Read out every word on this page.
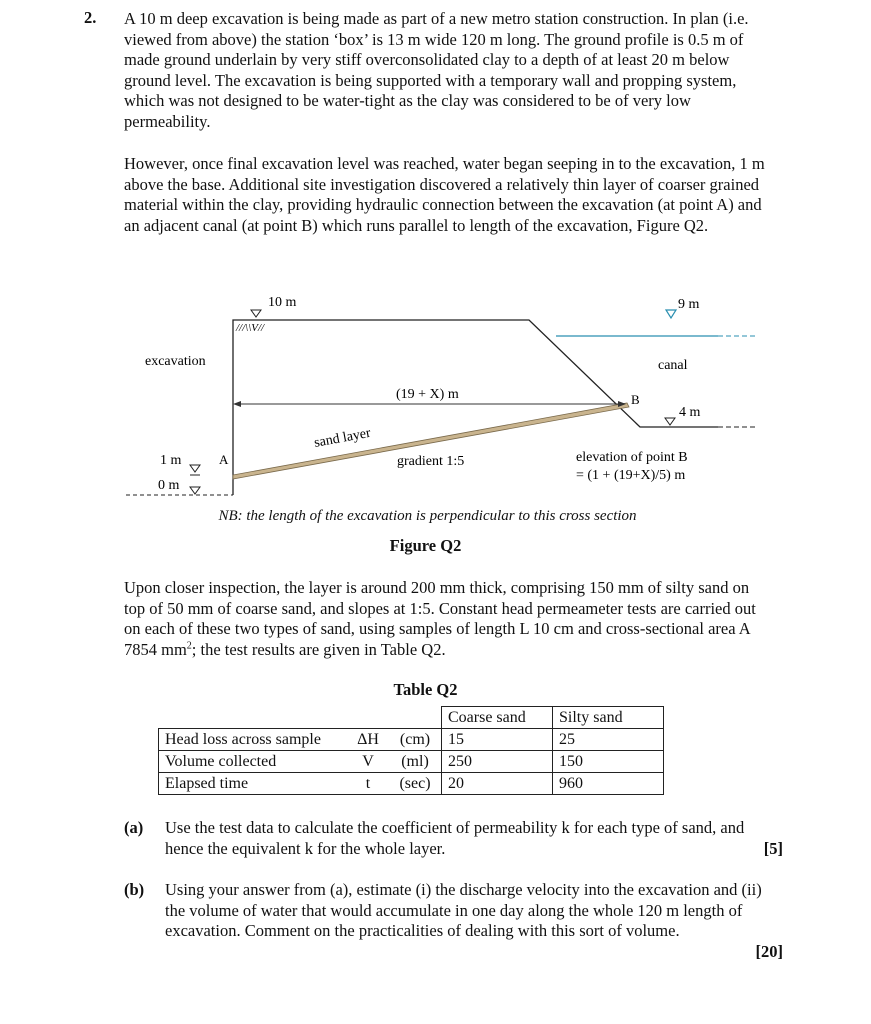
2. A 10 m deep excavation is being made as part of a new metro station construction. In plan (i.e. viewed from above) the station ‘box’ is 13 m wide 120 m long. The ground profile is 0.5 m of made ground underlain by very stiff overconsolidated clay to a depth of at least 20 m below ground level. The excavation is being supported with a temporary wall and propping system, which was not designed to be water-tight as the clay was considered to be of very low permeability.

However, once final excavation level was reached, water began seeping in to the excavation, 1 m above the base. Additional site investigation discovered a relatively thin layer of coarser grained material within the clay, providing hydraulic connection between the excavation (at point A) and an adjacent canal (at point B) which runs parallel to length of the excavation, Figure Q2.

10 m
///\\V//
excavation
9 m
canal
(19 + X) m	B
4 m
sand layer
1 m	A	gradient 1:5	elevation of point B
= (1 + (19+X)/5) m
0 m
NB: the length of the excavation is perpendicular to this cross section
Figure Q2

Upon closer inspection, the layer is around 200 mm thick, comprising 150 mm of silty sand on top of 50 mm of coarse sand, and slopes at 1:5. Constant head permeameter tests are carried out on each of these two types of sand, using samples of length L 10 cm and cross-sectional area A 7854 $mm^2$; the test results are given in Table Q2.

Table Q2
			Coarse sand	Silty sand
Head loss across sample	ΔH	(cm)	15	25
Volume collected	V	(ml)	250	150
Elapsed time	t	(sec)	20	960
(a) Use the test data to calculate the coefficient of permeability k for each type of sand, and hence the equivalent k for the whole layer.	[5]
(b) Using your answer from (a), estimate (i) the discharge velocity into the excavation and (ii) the volume of water that would accumulate in one day along the whole 120 m length of excavation. Comment on the practicalities of dealing with this sort of volume.

[20]
